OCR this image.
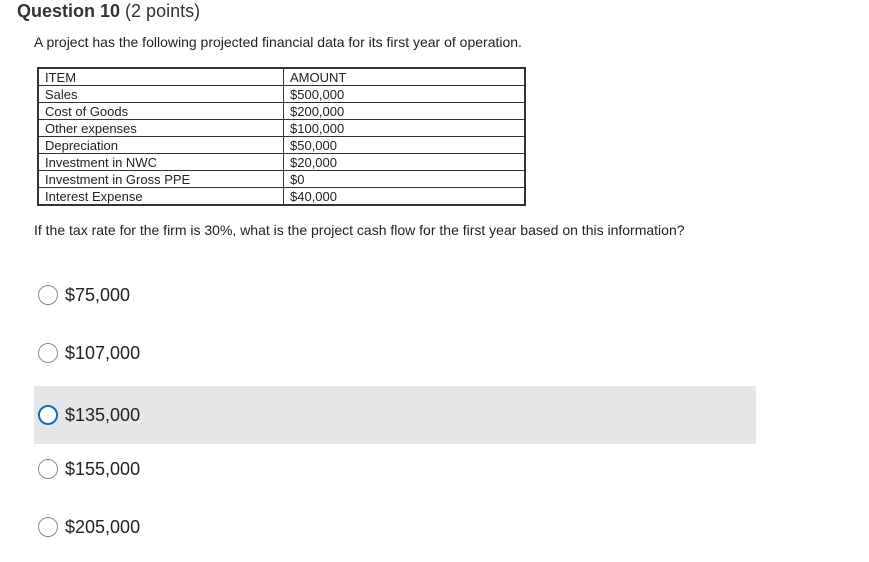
Question 10 (2 points)
A project has the following projected financial data for its first year of operation.
ITEM	AMOUNT
Sales	$500,000
Cost of Goods	$200,000
Other expenses	$100,000
Depreciation	$50,000
Investment in NWC	$20,000
Investment in Gross PPE	$0
Interest Expense	$40,000
If the tax rate for the firm is 30%, what is the project cash flow for the first year based on this information?
$75,000
$107,000
$135,000
$155,000
$205,000
